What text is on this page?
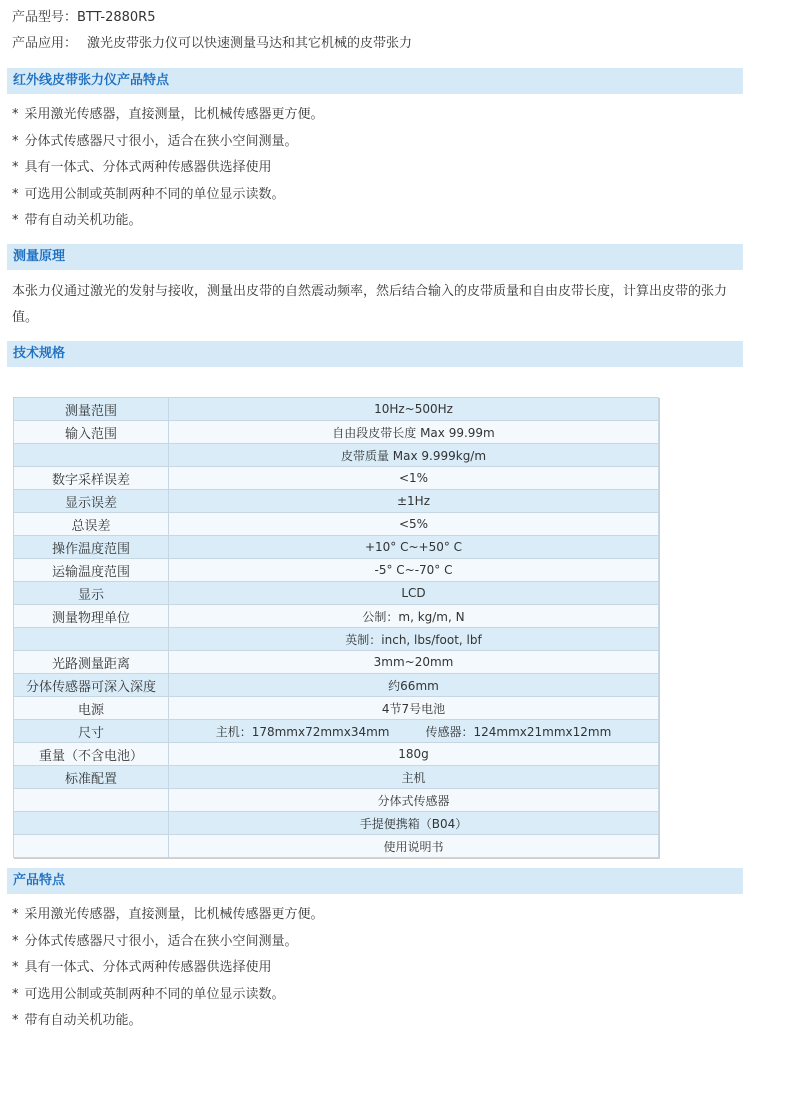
产品型号：BTT-2880R5
产品应用： 激光皮带张力仪可以快速测量马达和其它机械的皮带张力
红外线皮带张力仪产品特点
* 采用激光传感器，直接测量，比机械传感器更方便。
* 分体式传感器尺寸很小，适合在狭小空间测量。
* 具有一体式、分体式两种传感器供选择使用
* 可选用公制或英制两种不同的单位显示读数。
* 带有自动关机功能。
测量原理

本张力仪通过激光的发射与接收，测量出皮带的自然震动频率，然后结合输入的皮带质量和自由皮带长度，计算出皮带的张力值。

技术规格
测量范围	10Hz~500Hz
输入范围	自由段皮带长度 Max 99.99m
	皮带质量 Max 9.999kg/m
数字采样误差	<1%
显示误差	±1Hz
总误差	<5%
操作温度范围	+10° C~+50° C
运输温度范围	-5° C~-70° C
显示	LCD
测量物理单位	公制：m, kg/m, N
	英制：inch, lbs/foot, lbf
光路测量距离	3mm~20mm
分体传感器可深入深度	约66mm
电源	4节7号电池
尺寸	主机：178mmx72mmx34mm 传感器：124mmx21mmx12mm
重量（不含电池）	180g
标准配置	主机
	分体式传感器
	手提便携箱（B04）
	使用说明书
产品特点
* 采用激光传感器，直接测量，比机械传感器更方便。
* 分体式传感器尺寸很小，适合在狭小空间测量。
* 具有一体式、分体式两种传感器供选择使用
* 可选用公制或英制两种不同的单位显示读数。
* 带有自动关机功能。
